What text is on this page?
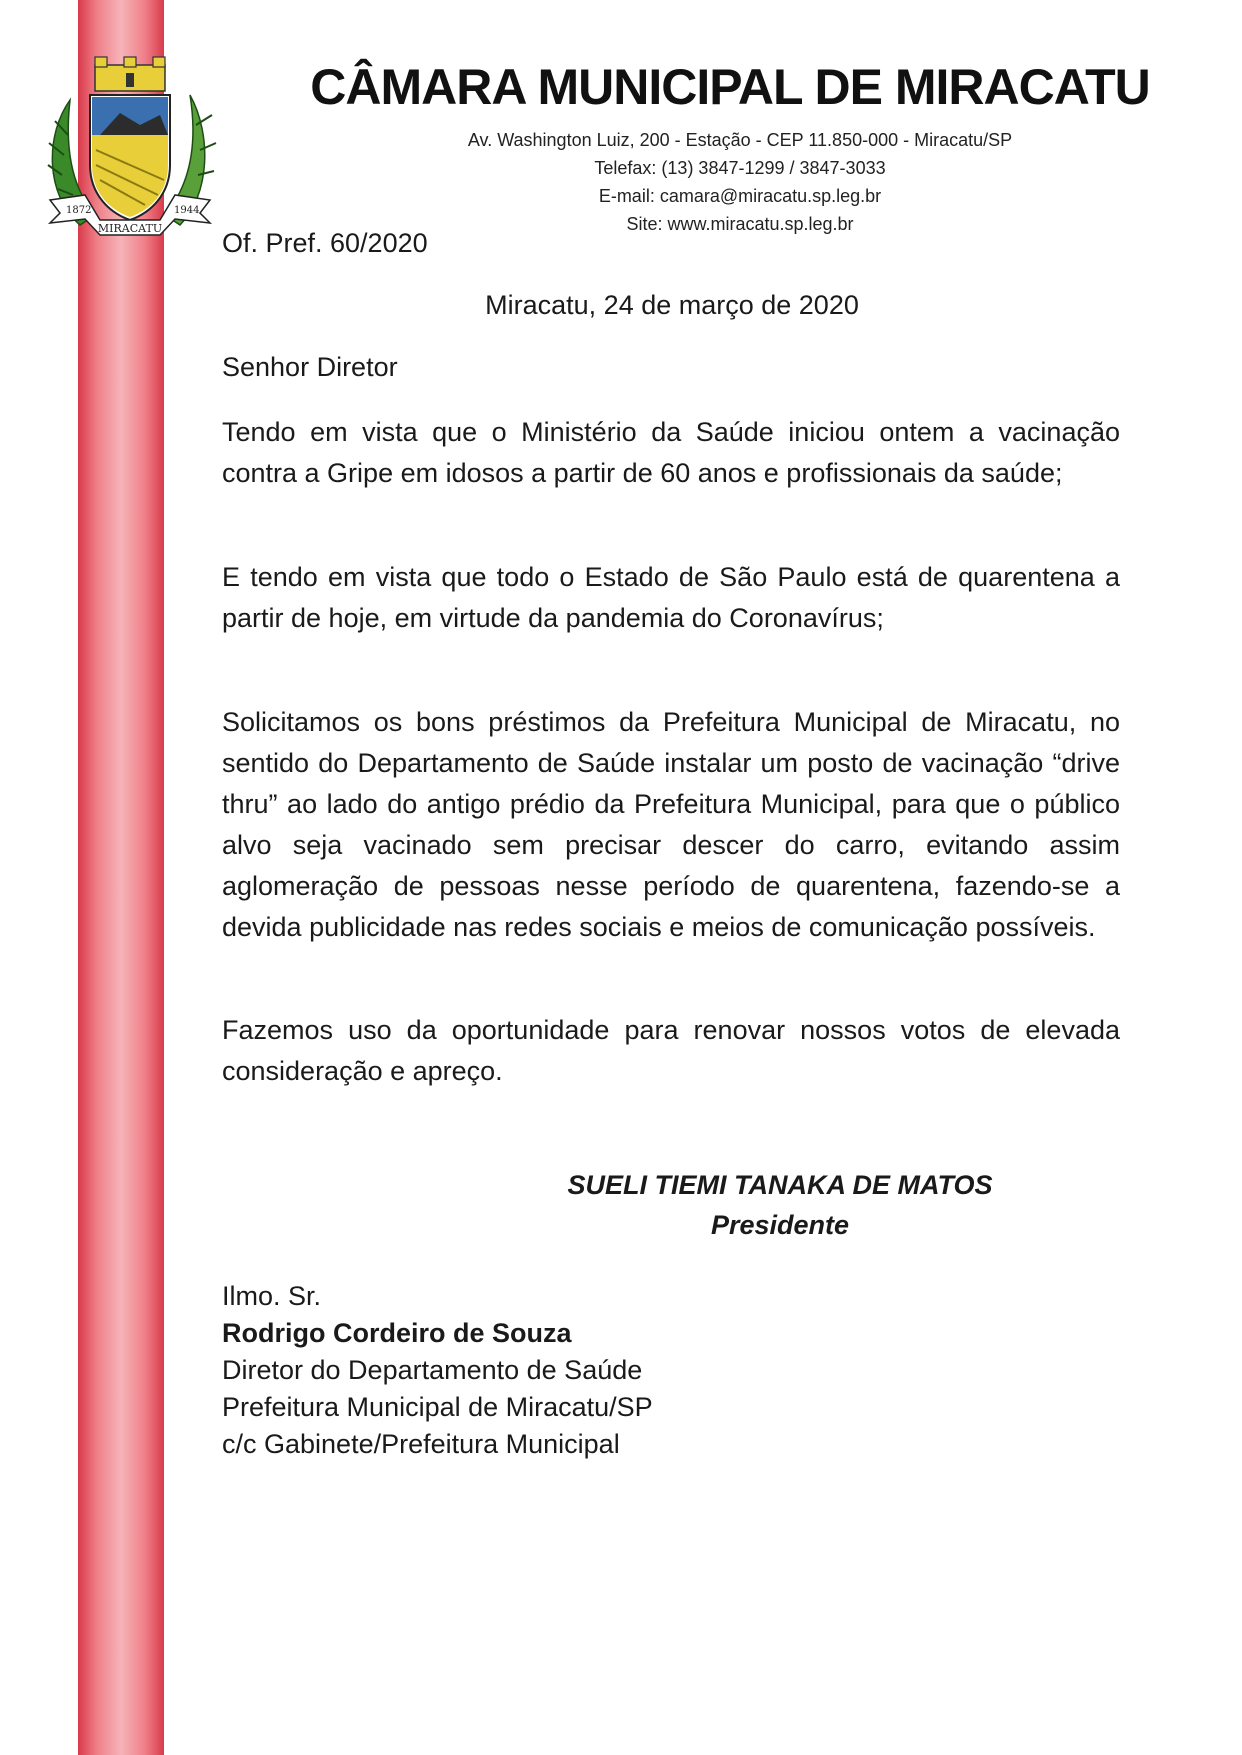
1872	1944
MIRACATU
CÂMARA MUNICIPAL DE MIRACATU
Av. Washington Luiz, 200 - Estação - CEP 11.850-000 - Miracatu/SP
Telefax: (13) 3847-1299 / 3847-3033
E-mail: camara@miracatu.sp.leg.br
Site: www.miracatu.sp.leg.br
Of. Pref. 60/2020
Miracatu, 24 de março de 2020
Senhor Diretor
Tendo em vista que o Ministério da Saúde iniciou ontem a vacinação contra a Gripe em idosos a partir de 60 anos e profissionais da saúde;
E tendo em vista que todo o Estado de São Paulo está de quarentena a partir de hoje, em virtude da pandemia do Coronavírus;
Solicitamos os bons préstimos da Prefeitura Municipal de Miracatu, no sentido do Departamento de Saúde instalar um posto de vacinação “drive thru” ao lado do antigo prédio da Prefeitura Municipal, para que o público alvo seja vacinado sem precisar descer do carro, evitando assim aglomeração de pessoas nesse período de quarentena, fazendo-se a devida publicidade nas redes sociais e meios de comunicação possíveis.
Fazemos uso da oportunidade para renovar nossos votos de elevada consideração e apreço.
SUELI TIEMI TANAKA DE MATOS
Presidente
Ilmo. Sr.
Rodrigo Cordeiro de Souza
Diretor do Departamento de Saúde
Prefeitura Municipal de Miracatu/SP
c/c Gabinete/Prefeitura Municipal
